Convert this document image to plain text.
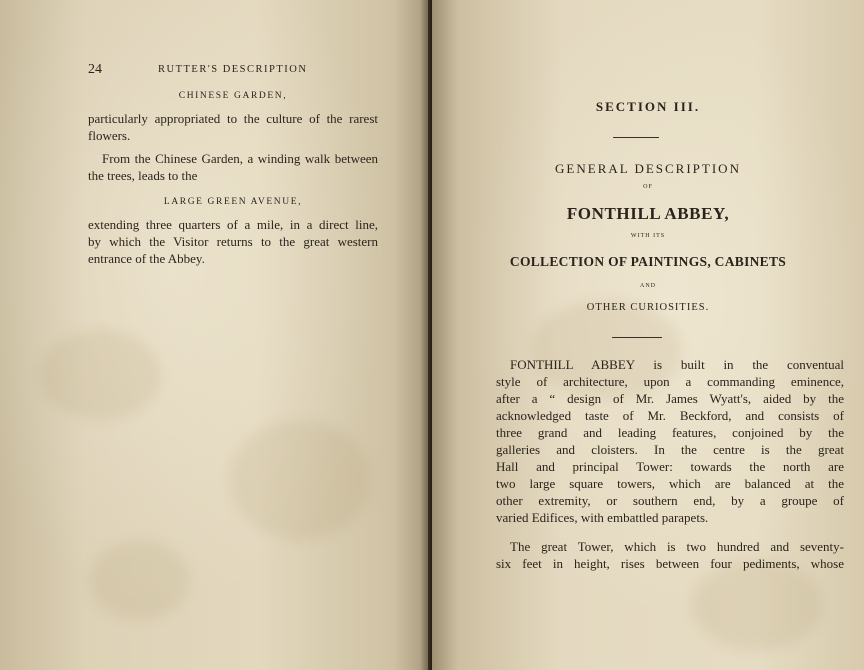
24	RUTTER'S DESCRIPTION
CHINESE GARDEN,
particularly appropriated to the culture of the rarest
flowers.
From the Chinese Garden, a winding walk between
the trees, leads to the
LARGE GREEN AVENUE,
extending three quarters of a mile, in a direct line,
by which the Visitor returns to the great western
entrance of the Abbey.
SECTION III.
GENERAL DESCRIPTION
OF
FONTHILL ABBEY,
WITH ITS
COLLECTION OF PAINTINGS, CABINETS
AND
OTHER CURIOSITIES.
FONTHILL ABBEY is built in the conventual
style of architecture, upon a commanding eminence,
after a “ design of Mr. James Wyatt's, aided by the
acknowledged taste of Mr. Beckford, and consists of
three grand and leading features, conjoined by the
galleries and cloisters. In the centre is the great
Hall and principal Tower: towards the north are
two large square towers, which are balanced at the
other extremity, or southern end, by a groupe of
varied Edifices, with embattled parapets.
The great Tower, which is two hundred and seventy-
six feet in height, rises between four pediments, whose
